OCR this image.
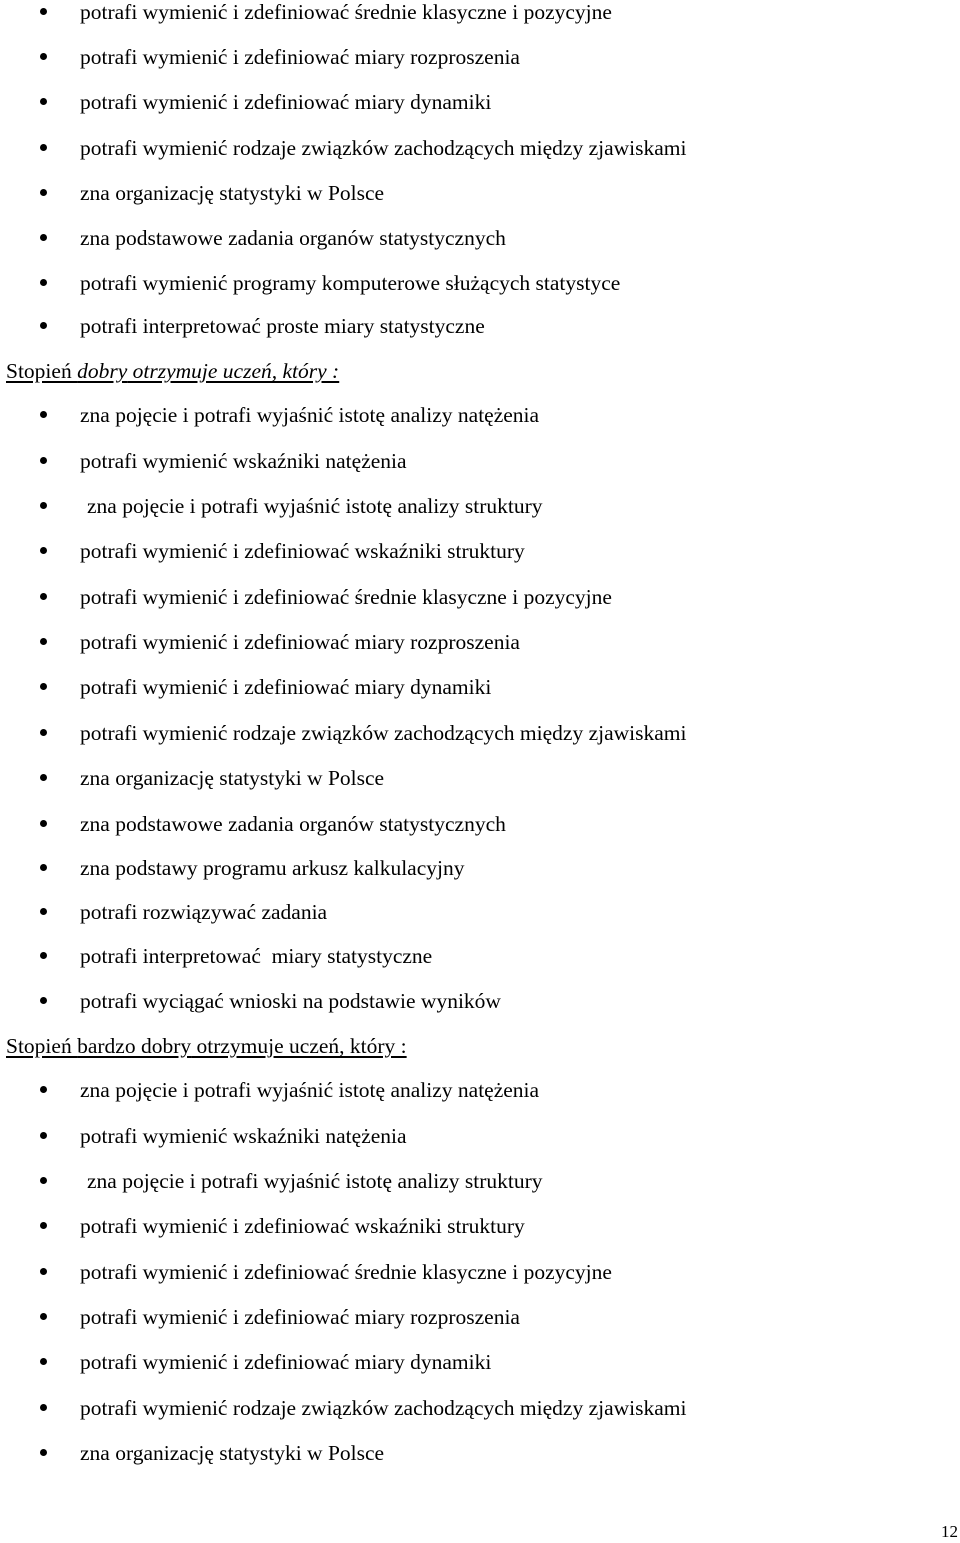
potrafi wymienić i zdefiniować średnie klasyczne i pozycyjne
potrafi wymienić i zdefiniować miary rozproszenia
potrafi wymienić i zdefiniować miary dynamiki
potrafi wymienić rodzaje związków zachodzących między zjawiskami
zna organizację statystyki w Polsce
zna podstawowe zadania organów statystycznych
potrafi wymienić programy komputerowe służących statystyce
potrafi interpretować proste miary statystyczne
Stopień dobry otrzymuje uczeń, który :
zna pojęcie i potrafi wyjaśnić istotę analizy natężenia
potrafi wymienić wskaźniki natężenia
zna pojęcie i potrafi wyjaśnić istotę analizy struktury
potrafi wymienić i zdefiniować wskaźniki struktury
potrafi wymienić i zdefiniować średnie klasyczne i pozycyjne
potrafi wymienić i zdefiniować miary rozproszenia
potrafi wymienić i zdefiniować miary dynamiki
potrafi wymienić rodzaje związków zachodzących między zjawiskami
zna organizację statystyki w Polsce
zna podstawowe zadania organów statystycznych
zna podstawy programu arkusz kalkulacyjny
potrafi rozwiązywać zadania
potrafi interpretować  miary statystyczne
potrafi wyciągać wnioski na podstawie wyników
Stopień bardzo dobry otrzymuje uczeń, który :
zna pojęcie i potrafi wyjaśnić istotę analizy natężenia
potrafi wymienić wskaźniki natężenia
zna pojęcie i potrafi wyjaśnić istotę analizy struktury
potrafi wymienić i zdefiniować wskaźniki struktury
potrafi wymienić i zdefiniować średnie klasyczne i pozycyjne
potrafi wymienić i zdefiniować miary rozproszenia
potrafi wymienić i zdefiniować miary dynamiki
potrafi wymienić rodzaje związków zachodzących między zjawiskami
zna organizację statystyki w Polsce
12
